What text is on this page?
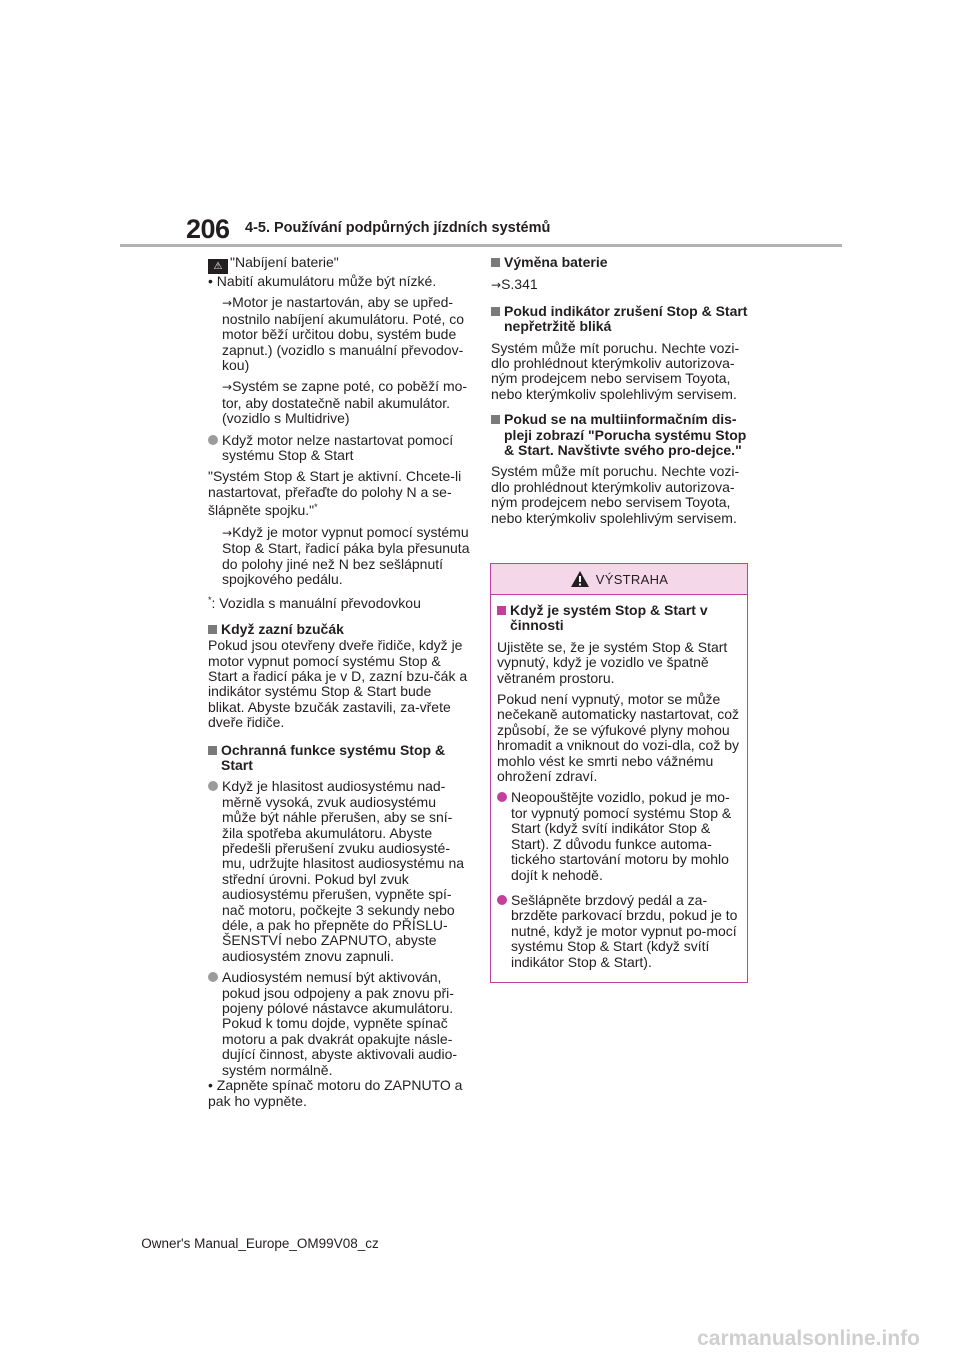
206 4-5. Používání podpůrných jízdních systémů
⚠ "Nabíjení baterie"
• Nabití akumulátoru může být nízké.
→Motor je nastartován, aby se upřed-nostnilo nabíjení akumulátoru. Poté, co motor běží určitou dobu, systém bude zapnut.) (vozidlo s manuální převodov-kou)
→Systém se zapne poté, co poběží mo-tor, aby dostatečně nabil akumulátor. (vozidlo s Multidrive)
Když motor nelze nastartovat pomocí systému Stop & Start
"Systém Stop & Start je aktivní. Chcete-li nastartovat, přeřaďte do polohy N a se-šlápněte spojku."*
→Když je motor vypnut pomocí systému Stop & Start, řadicí páka byla přesunuta do polohy jiné než N bez sešlápnutí spojkového pedálu.
*: Vozidla s manuální převodovkou
Když zazní bzučák
Pokud jsou otevřeny dveře řidiče, když je motor vypnut pomocí systému Stop & Start a řadicí páka je v D, zazní bzu-čák a indikátor systému Stop & Start bude blikat. Abyste bzučák zastavili, za-vřete dveře řidiče.
Ochranná funkce systému Stop & Start
Když je hlasitost audiosystému nad-měrně vysoká, zvuk audiosystému může být náhle přerušen, aby se sní-žila spotřeba akumulátoru. Abyste předešli přerušení zvuku audiosysté-mu, udržujte hlasitost audiosystému na střední úrovni. Pokud byl zvuk audiosystému přerušen, vypněte spí-nač motoru, počkejte 3 sekundy nebo déle, a pak ho přepněte do PŘÍSLU-ŠENSTVÍ nebo ZAPNUTO, abyste audiosystém znovu zapnuli.
Audiosystém nemusí být aktivován, pokud jsou odpojeny a pak znovu při-pojeny pólové nástavce akumulátoru. Pokud k tomu dojde, vypněte spínač motoru a pak dvakrát opakujte násle-dující činnost, abyste aktivovali audio-systém normálně.
• Zapněte spínač motoru do ZAPNUTO a pak ho vypněte.
Výměna baterie
→S.341
Pokud indikátor zrušení Stop & Start nepřetržitě bliká
Systém může mít poruchu. Nechte vozi-dlo prohlédnout kterýmkoliv autorizova-ným prodejcem nebo servisem Toyota, nebo kterýmkoliv spolehlivým servisem.
Pokud se na multiinformačním dis-pleji zobrazí "Porucha systému Stop & Start. Navštivte svého pro-dejce."
Systém může mít poruchu. Nechte vozi-dlo prohlédnout kterýmkoliv autorizova-ným prodejcem nebo servisem Toyota, nebo kterýmkoliv spolehlivým servisem.
VÝSTRAHA
Když je systém Stop & Start v činnosti
Ujistěte se, že je systém Stop & Start vypnutý, když je vozidlo ve špatně větraném prostoru.
Pokud není vypnutý, motor se může nečekaně automaticky nastartovat, což způsobí, že se výfukové plyny mohou hromadit a vniknout do vozi-dla, což by mohlo vést ke smrti nebo vážnému ohrožení zdraví.
Neopouštějte vozidlo, pokud je mo-tor vypnutý pomocí systému Stop & Start (když svítí indikátor Stop & Start). Z důvodu funkce automa-tického startování motoru by mohlo dojít k nehodě.
Sešlápněte brzdový pedál a za-brzděte parkovací brzdu, pokud je to nutné, když je motor vypnut po-mocí systému Stop & Start (když svítí indikátor Stop & Start).
Owner's Manual_Europe_OM99V08_cz
carmanualsonline.info
